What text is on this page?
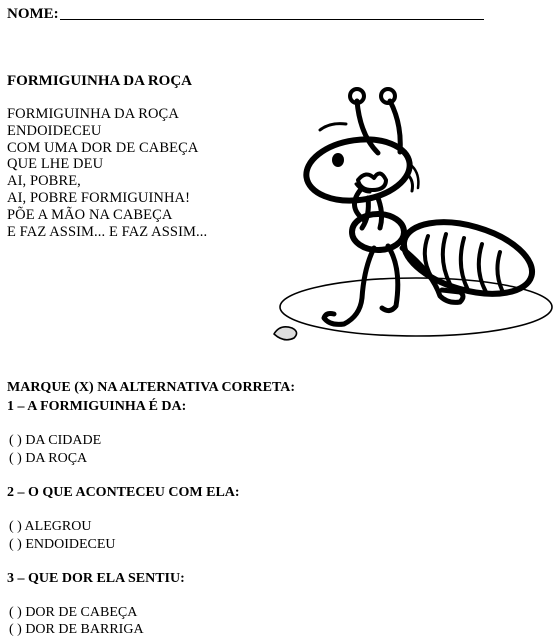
NOME:
FORMIGUINHA DA ROÇA
FORMIGUINHA DA ROÇA
ENDOIDECEU
COM UMA DOR DE CABEÇA
QUE LHE DEU
AI, POBRE,
AI, POBRE FORMIGUINHA!
PÕE A MÃO NA CABEÇA
E FAZ ASSIM... E FAZ ASSIM...
MARQUE (X) NA ALTERNATIVA CORRETA:
1 – A FORMIGUINHA É DA:
( ) DA CIDADE
( ) DA ROÇA
2 – O QUE ACONTECEU COM ELA:
( ) ALEGROU
( ) ENDOIDECEU
3 – QUE DOR ELA SENTIU:
( ) DOR DE CABEÇA
( ) DOR DE BARRIGA
